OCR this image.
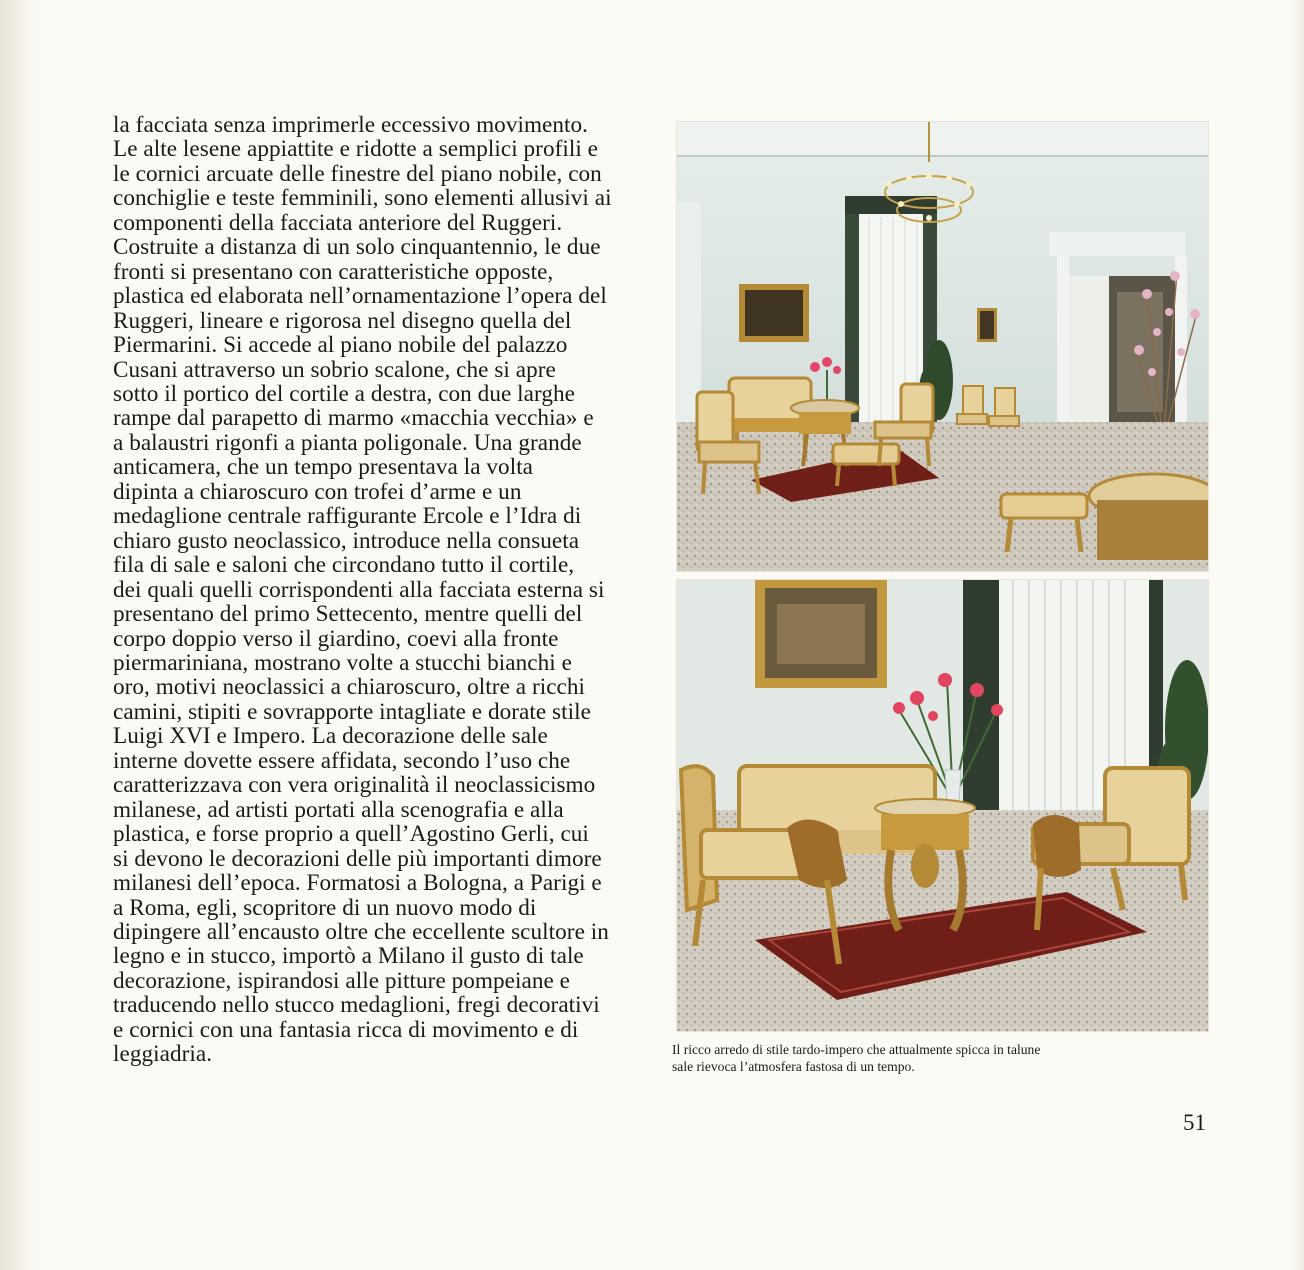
la facciata senza imprimerle eccessivo movimento.
Le alte lesene appiattite e ridotte a semplici profili e
le cornici arcuate delle finestre del piano nobile, con
conchiglie e teste femminili, sono elementi allusivi ai
componenti della facciata anteriore del Ruggeri.
Costruite a distanza di un solo cinquantennio, le due
fronti si presentano con caratteristiche opposte,
plastica ed elaborata nell’ornamentazione l’opera del
Ruggeri, lineare e rigorosa nel disegno quella del
Piermarini. Si accede al piano nobile del palazzo
Cusani attraverso un sobrio scalone, che si apre
sotto il portico del cortile a destra, con due larghe
rampe dal parapetto di marmo «macchia vecchia» e
a balaustri rigonfi a pianta poligonale. Una grande
anticamera, che un tempo presentava la volta
dipinta a chiaroscuro con trofei d’arme e un
medaglione centrale raffigurante Ercole e l’Idra di
chiaro gusto neoclassico, introduce nella consueta
fila di sale e saloni che circondano tutto il cortile,
dei quali quelli corrispondenti alla facciata esterna si
presentano del primo Settecento, mentre quelli del
corpo doppio verso il giardino, coevi alla fronte
piermariniana, mostrano volte a stucchi bianchi e
oro, motivi neoclassici a chiaroscuro, oltre a ricchi
camini, stipiti e sovrapporte intagliate e dorate stile
Luigi XVI e Impero. La decorazione delle sale
interne dovette essere affidata, secondo l’uso che
caratterizzava con vera originalità il neoclassicismo
milanese, ad artisti portati alla scenografia e alla
plastica, e forse proprio a quell’Agostino Gerli, cui
si devono le decorazioni delle più importanti dimore
milanesi dell’epoca. Formatosi a Bologna, a Parigi e
a Roma, egli, scopritore di un nuovo modo di
dipingere all’encausto oltre che eccellente scultore in
legno e in stucco, importò a Milano il gusto di tale
decorazione, ispirandosi alle pitture pompeiane e
traducendo nello stucco medaglioni, fregi decorativi
e cornici con una fantasia ricca di movimento e di
leggiadria.	Il ricco arredo di stile tardo-impero che attualmente spicca in talune
sale rievoca l’atmosfera fastosa di un tempo.
51
